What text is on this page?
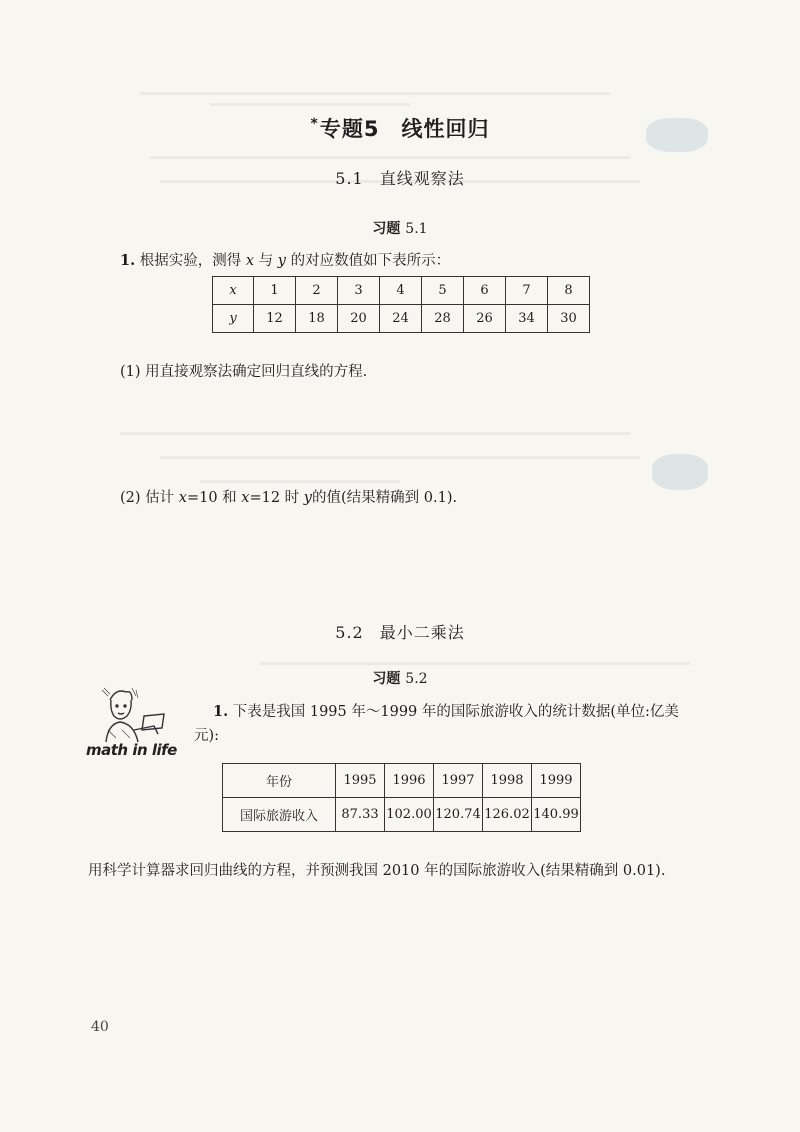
*专题5　线性回归
5.1 直线观察法
习题 5.1
1. 根据实验，测得 x 与 y 的对应数值如下表所示：
x	1	2	3	4	5	6	7	8
y	12	18	20	24	28	26	34	30
(1) 用直接观察法确定回归直线的方程.
(2) 估计 x=10 和 x=12 时 y的值(结果精确到 0.1).
5.2 最小二乘法
习题 5.2
math in life
1. 下表是我国 1995 年～1999 年的国际旅游收入的统计数据(单位:亿美
元):
年份	1995	1996	1997	1998	1999
国际旅游收入	87.33	102.00	120.74	126.02	140.99
用科学计算器求回归曲线的方程，并预测我国 2010 年的国际旅游收入(结果精确到 0.01).
40
